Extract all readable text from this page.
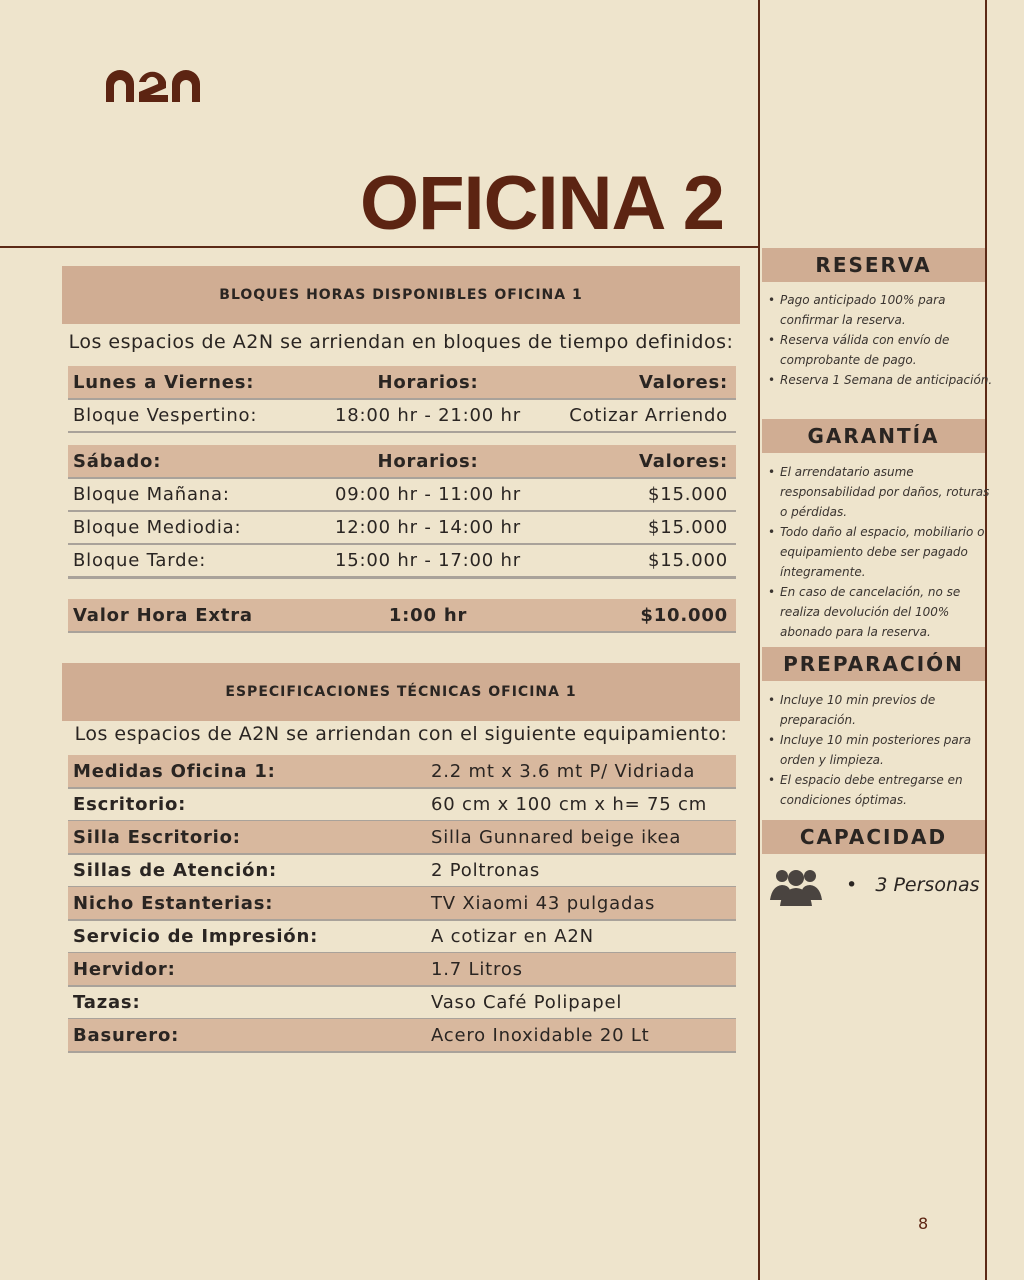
OFICINA 2
BLOQUES HORAS DISPONIBLES OFICINA 1
Los espacios de A2N se arriendan en bloques de tiempo definidos:
Lunes a Viernes:	Horarios:	Valores:
Bloque Vespertino:	18:00 hr - 21:00 hr	Cotizar Arriendo
Sábado:	Horarios:	Valores:
Bloque Mañana:	09:00 hr - 11:00 hr	$15.000
Bloque Mediodia:	12:00 hr - 14:00 hr	$15.000
Bloque Tarde:	15:00 hr - 17:00 hr	$15.000
Valor Hora Extra	1:00 hr	$10.000
ESPECIFICACIONES TÉCNICAS OFICINA 1
Los espacios de A2N se arriendan con el siguiente equipamiento:
Medidas Oficina 1:	2.2 mt x 3.6 mt P/ Vidriada
Escritorio:	60 cm x 100 cm x h= 75 cm
Silla Escritorio:	Silla Gunnared beige ikea
Sillas de Atención:	2 Poltronas
Nicho Estanterias:	TV Xiaomi 43 pulgadas
Servicio de Impresión:	A cotizar en A2N
Hervidor:	1.7 Litros
Tazas:	Vaso Café Polipapel
Basurero:	Acero Inoxidable 20 Lt
RESERVA
• Pago anticipado 100% para confirmar la reserva.
• Reserva válida con envío de comprobante de pago.
• Reserva 1 Semana de anticipación.
GARANTÍA
• El arrendatario asume responsabilidad por daños, roturas o pérdidas.
• Todo daño al espacio, mobiliario o equipamiento debe ser pagado íntegramente.
• En caso de cancelación, no se realiza devolución del 100% abonado para la reserva.
PREPARACIÓN
• Incluye 10 min previos de preparación.
• Incluye 10 min posteriores para orden y limpieza.
• El espacio debe entregarse en condiciones óptimas.
CAPACIDAD
•   3 Personas
8
